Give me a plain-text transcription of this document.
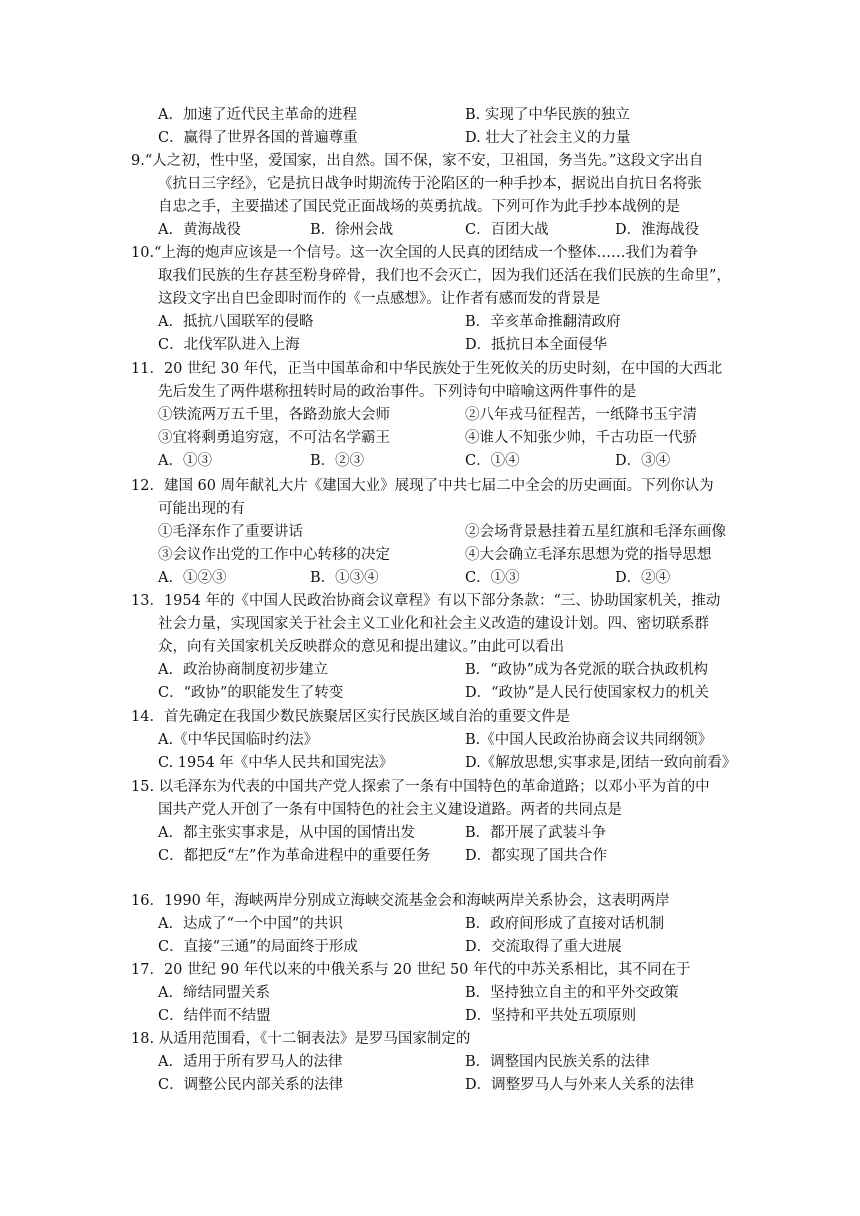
A．加速了近代民主革命的进程	B. 实现了中华民族的独立
C．赢得了世界各国的普遍尊重	D. 壮大了社会主义的力量
9.“人之初，性中坚，爱国家，出自然。国不保，家不安，卫祖国，务当先。”这段文字出自
《抗日三字经》，它是抗日战争时期流传于沦陷区的一种手抄本，据说出自抗日名将张
自忠之手，主要描述了国民党正面战场的英勇抗战。下列可作为此手抄本战例的是
A．黄海战役	B．徐州会战	C．百团大战	D．淮海战役
10.“上海的炮声应该是一个信号。这一次全国的人民真的团结成一个整体……我们为着争
取我们民族的生存甚至粉身碎骨，我们也不会灭亡，因为我们还活在我们民族的生命里”，
这段文字出自巴金即时而作的《一点感想》。让作者有感而发的背景是
A．抵抗八国联军的侵略	B．辛亥革命推翻清政府
C．北伐军队进入上海	D．抵抗日本全面侵华
11．20 世纪 30 年代，正当中国革命和中华民族处于生死攸关的历史时刻，在中国的大西北
先后发生了两件堪称扭转时局的政治事件。下列诗句中暗喻这两件事件的是
①铁流两万五千里，各路劲旅大会师	②八年戎马征程苦，一纸降书玉宇清
③宜将剩勇追穷寇，不可沽名学霸王	④谁人不知张少帅，千古功臣一代骄
A．①③	B．②③	C．①④	D．③④
12．建国 60 周年献礼大片《建国大业》展现了中共七届二中全会的历史画面。下列你认为
可能出现的有
①毛泽东作了重要讲话	②会场背景悬挂着五星红旗和毛泽东画像
③会议作出党的工作中心转移的决定	④大会确立毛泽东思想为党的指导思想
A．①②③	B．①③④	C．①③	D．②④
13．1954 年的《中国人民政治协商会议章程》有以下部分条款：“三、协助国家机关，推动
社会力量，实现国家关于社会主义工业化和社会主义改造的建设计划。四、密切联系群
众，向有关国家机关反映群众的意见和提出建议。”由此可以看出
A．政治协商制度初步建立	B．“政协”成为各党派的联合执政机构
C．“政协”的职能发生了转变	D．“政协”是人民行使国家权力的机关
14．首先确定在我国少数民族聚居区实行民族区域自治的重要文件是
A.《中华民国临时约法》	B.《中国人民政治协商会议共同纲领》
C. 1954 年《中华人民共和国宪法》	D.《解放思想,实事求是,团结一致向前看》
15. 以毛泽东为代表的中国共产党人探索了一条有中国特色的革命道路；以邓小平为首的中
国共产党人开创了一条有中国特色的社会主义建设道路。两者的共同点是
A．都主张实事求是，从中国的国情出发	B．都开展了武装斗争
C．都把反“左”作为革命进程中的重要任务 D．都实现了国共合作
16．1990 年，海峡两岸分别成立海峡交流基金会和海峡两岸关系协会，这表明两岸
A．达成了“一个中国”的共识	B．政府间形成了直接对话机制
C．直接“三通”的局面终于形成	D．交流取得了重大进展
17．20 世纪 90 年代以来的中俄关系与 20 世纪 50 年代的中苏关系相比，其不同在于
A．缔结同盟关系	B．坚持独立自主的和平外交政策
C．结伴而不结盟	D．坚持和平共处五项原则
18. 从适用范围看，《十二铜表法》是罗马国家制定的
A．适用于所有罗马人的法律	B．调整国内民族关系的法律
C．调整公民内部关系的法律	D．调整罗马人与外来人关系的法律
